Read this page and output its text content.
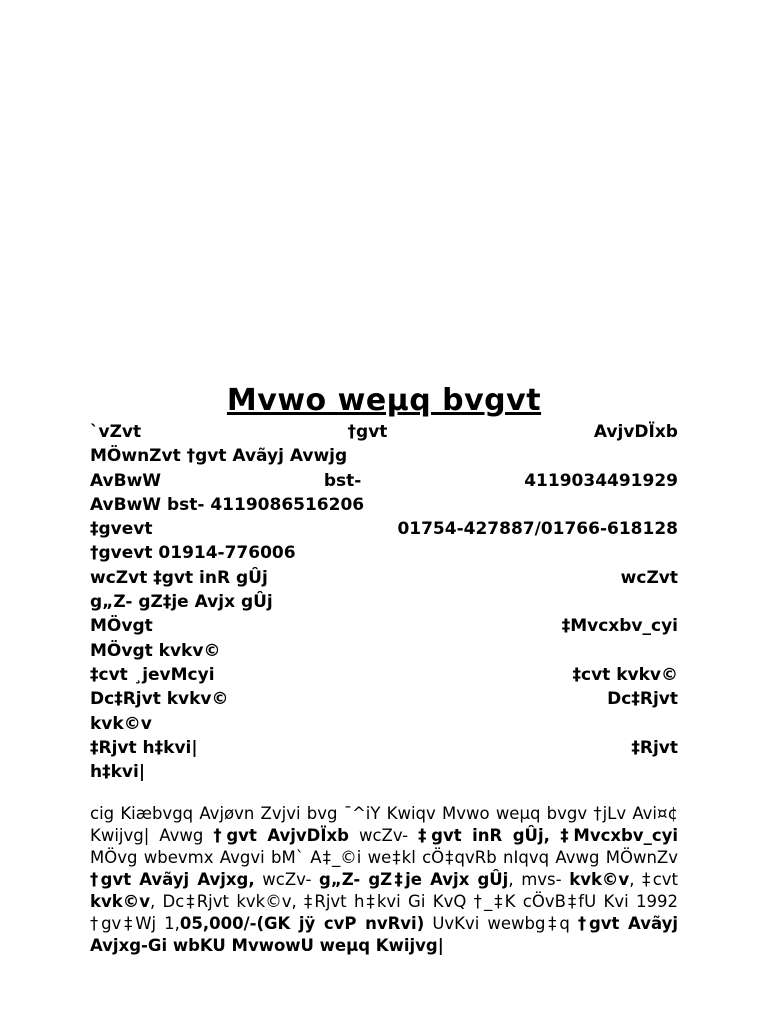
Mvwo weµq bvgvt
`vZvt	†gvt	AvjvDÏxb
MÖwnZvt †gvt Avãyj Avwjg
AvBwW	bst-	4119034491929
AvBwW bst- 4119086516206
‡gvevt	01754-427887/01766-618128
†gvevt 01914-776006
wcZvt ‡gvt inR gÛj	wcZvt
g„Z- gZ‡je Avjx gÛj
MÖvgt	‡Mvcxbv_cyi
MÖvgt kvkv©
‡cvt ¸jevMcyi	‡cvt kvkv©
Dc‡Rjvt kvkv©	Dc‡Rjvt
kvk©v
‡Rjvt h‡kvi|	‡Rjvt
h‡kvi|
cig Kiæbvgq Avjøvn Zvjvi bvg ¯^iY Kwiqv Mvwo weµq bvgv †jLv Avi¤¢ Kwijvg| Avwg †gvt AvjvDÏxb wcZv- ‡gvt inR gÛj, ‡Mvcxbv_cyi MÖvg wbevmx Avgvi bM` A‡_©i we‡kl cÖ‡qvRb nIqvq Avwg MÖwnZv †gvt Avãyj Avjxg, wcZv- g„Z- gZ‡je Avjx gÛj, mvs- kvk©v, ‡cvt kvk©v, Dc‡Rjvt kvk©v, ‡Rjvt h‡kvi Gi KvQ †_‡K cÖvB‡fU Kvi 1992 †gv‡Wj 1,05,000/-(GK jÿ cvP nvRvi) UvKvi wewbg‡q †gvt Avãyj Avjxg-Gi wbKU MvwowU weµq Kwijvg|
